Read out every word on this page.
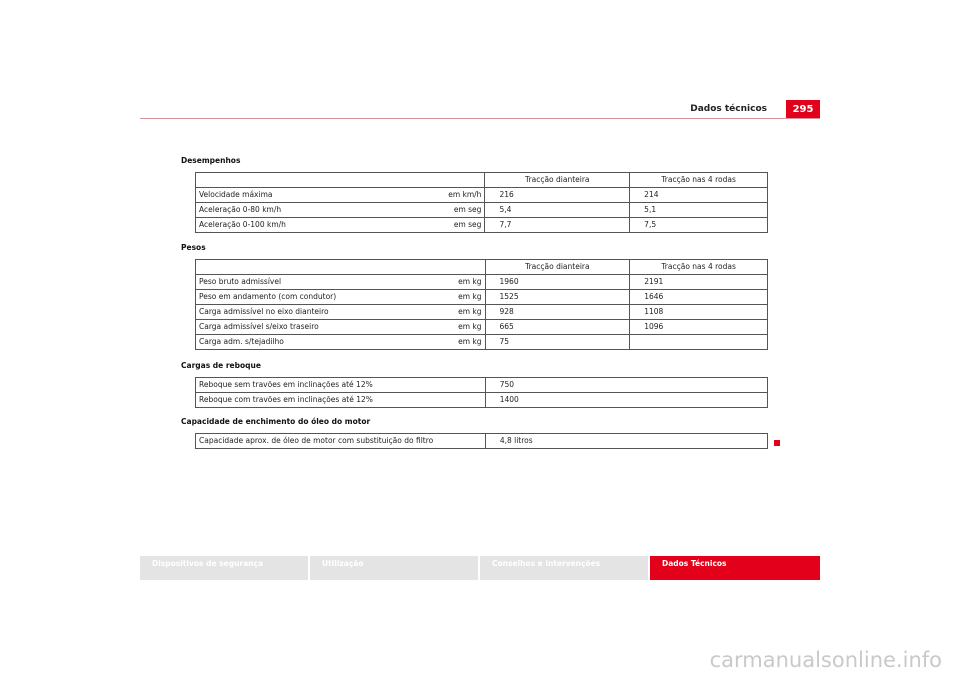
Dados técnicos	295
Desempenhos
		Tracção dianteira	Tracção nas 4 rodas
Velocidade máxima	em km/h	216	214
Aceleração 0-80 km/h	em seg	5,4	5,1
Aceleração 0-100 km/h	em seg	7,7	7,5
Pesos
		Tracção dianteira	Tracção nas 4 rodas
Peso bruto admissível	em kg	1960	2191
Peso em andamento (com condutor)	em kg	1525	1646
Carga admissível no eixo dianteiro	em kg	928	1108
Carga admissível s/eixo traseiro	em kg	665	1096
Carga adm. s/tejadilho	em kg	75	
Cargas de reboque
Reboque sem travões em inclinações até 12%	750
Reboque com travões em inclinações até 12%	1400
Capacidade de enchimento do óleo do motor
Capacidade aprox. de óleo de motor com substituição do filtro	4,8 litros
Dispositivos de segurança	Utilização	Conselhos e intervenções	Dados Técnicos
carmanualsonline.info
